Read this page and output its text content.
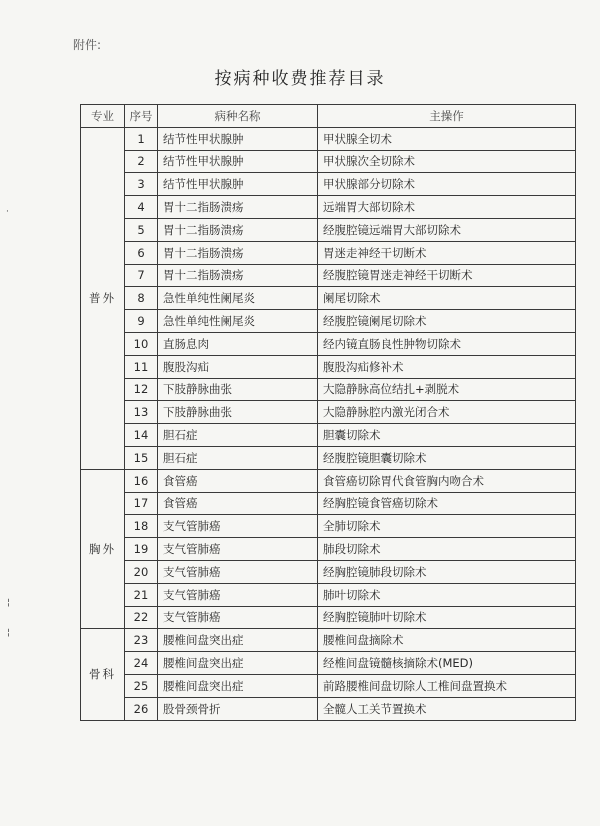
附件:
按病种收费推荐目录
专业	序号	病种名称	主操作
普外	1	结节性甲状腺肿	甲状腺全切术
	2	结节性甲状腺肿	甲状腺次全切除术
	3	结节性甲状腺肿	甲状腺部分切除术
	4	胃十二指肠溃疡	远端胃大部切除术
	5	胃十二指肠溃疡	经腹腔镜远端胃大部切除术
	6	胃十二指肠溃疡	胃迷走神经干切断术
	7	胃十二指肠溃疡	经腹腔镜胃迷走神经干切断术
	8	急性单纯性阑尾炎	阑尾切除术
	9	急性单纯性阑尾炎	经腹腔镜阑尾切除术
	10	直肠息肉	经内镜直肠良性肿物切除术
	11	腹股沟疝	腹股沟疝修补术
	12	下肢静脉曲张	大隐静脉高位结扎+剥脱术
	13	下肢静脉曲张	大隐静脉腔内激光闭合术
	14	胆石症	胆囊切除术
	15	胆石症	经腹腔镜胆囊切除术
胸外	16	食管癌	食管癌切除胃代食管胸内吻合术
	17	食管癌	经胸腔镜食管癌切除术
	18	支气管肺癌	全肺切除术
	19	支气管肺癌	肺段切除术
	20	支气管肺癌	经胸腔镜肺段切除术
	21	支气管肺癌	肺叶切除术
	22	支气管肺癌	经胸腔镜肺叶切除术
骨科	23	腰椎间盘突出症	腰椎间盘摘除术
	24	腰椎间盘突出症	经椎间盘镜髓核摘除术(MED)
	25	腰椎间盘突出症	前路腰椎间盘切除人工椎间盘置换术
	26	股骨颈骨折	全髋人工关节置换术
·
¦
¦
